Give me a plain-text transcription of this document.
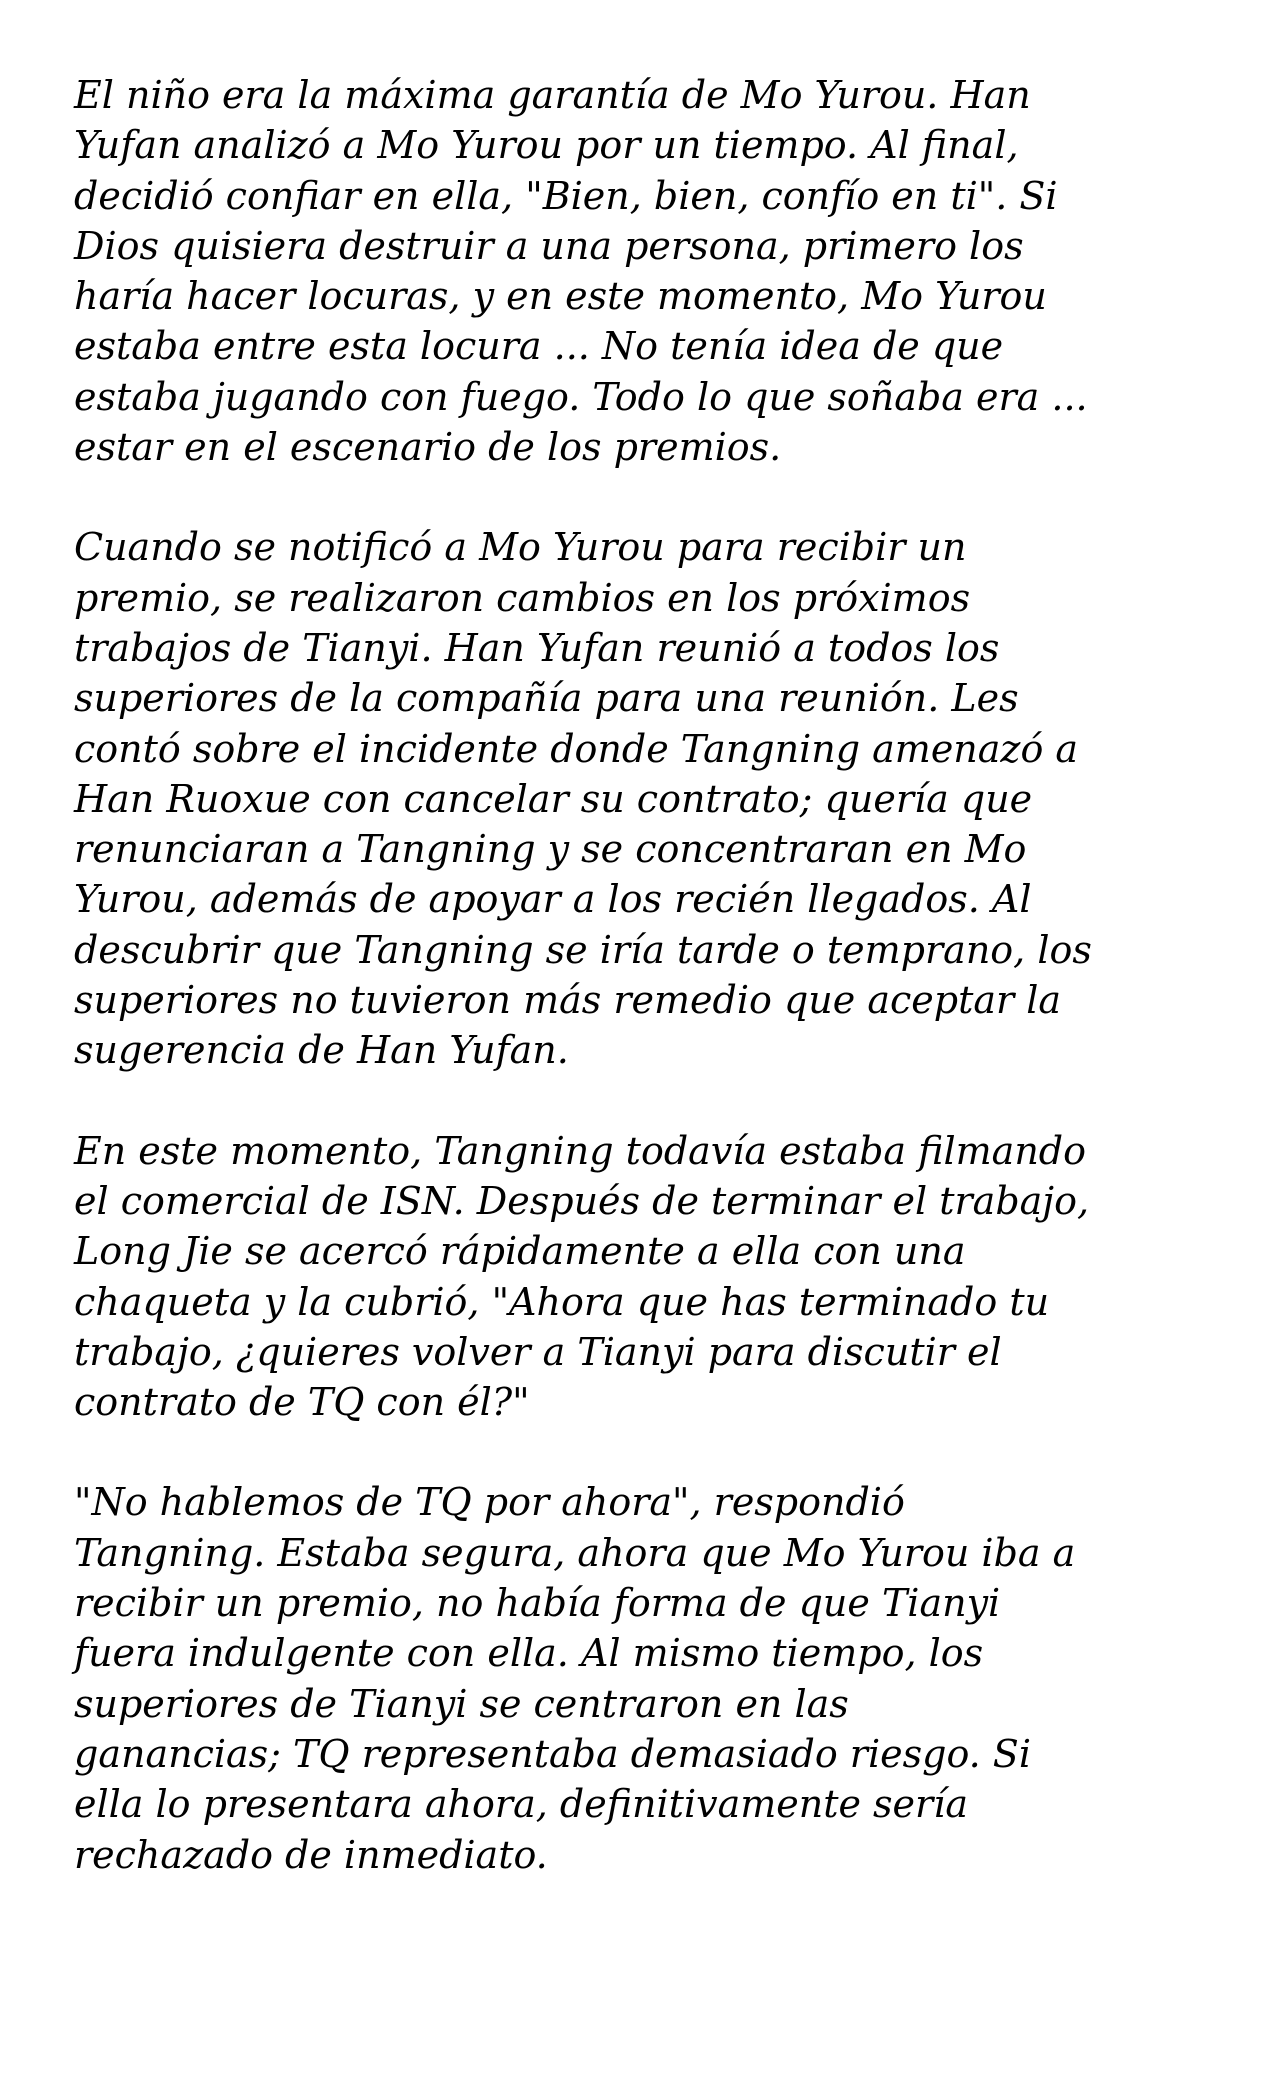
El niño era la máxima garantía de Mo Yurou. Han
Yufan analizó a Mo Yurou por un tiempo. Al final,
decidió confiar en ella, "Bien, bien, confío en ti". Si
Dios quisiera destruir a una persona, primero los
haría hacer locuras, y en este momento, Mo Yurou
estaba entre esta locura ... No tenía idea de que
estaba jugando con fuego. Todo lo que soñaba era ...
estar en el escenario de los premios.

Cuando se notificó a Mo Yurou para recibir un
premio, se realizaron cambios en los próximos
trabajos de Tianyi. Han Yufan reunió a todos los
superiores de la compañía para una reunión. Les
contó sobre el incidente donde Tangning amenazó a
Han Ruoxue con cancelar su contrato; quería que
renunciaran a Tangning y se concentraran en Mo
Yurou, además de apoyar a los recién llegados. Al
descubrir que Tangning se iría tarde o temprano, los
superiores no tuvieron más remedio que aceptar la
sugerencia de Han Yufan.

En este momento, Tangning todavía estaba filmando
el comercial de ISN. Después de terminar el trabajo,
Long Jie se acercó rápidamente a ella con una
chaqueta y la cubrió, "Ahora que has terminado tu
trabajo, ¿quieres volver a Tianyi para discutir el
contrato de TQ con él?"

"No hablemos de TQ por ahora", respondió
Tangning. Estaba segura, ahora que Mo Yurou iba a
recibir un premio, no había forma de que Tianyi
fuera indulgente con ella. Al mismo tiempo, los
superiores de Tianyi se centraron en las
ganancias; TQ representaba demasiado riesgo. Si
ella lo presentara ahora, definitivamente sería
rechazado de inmediato.
